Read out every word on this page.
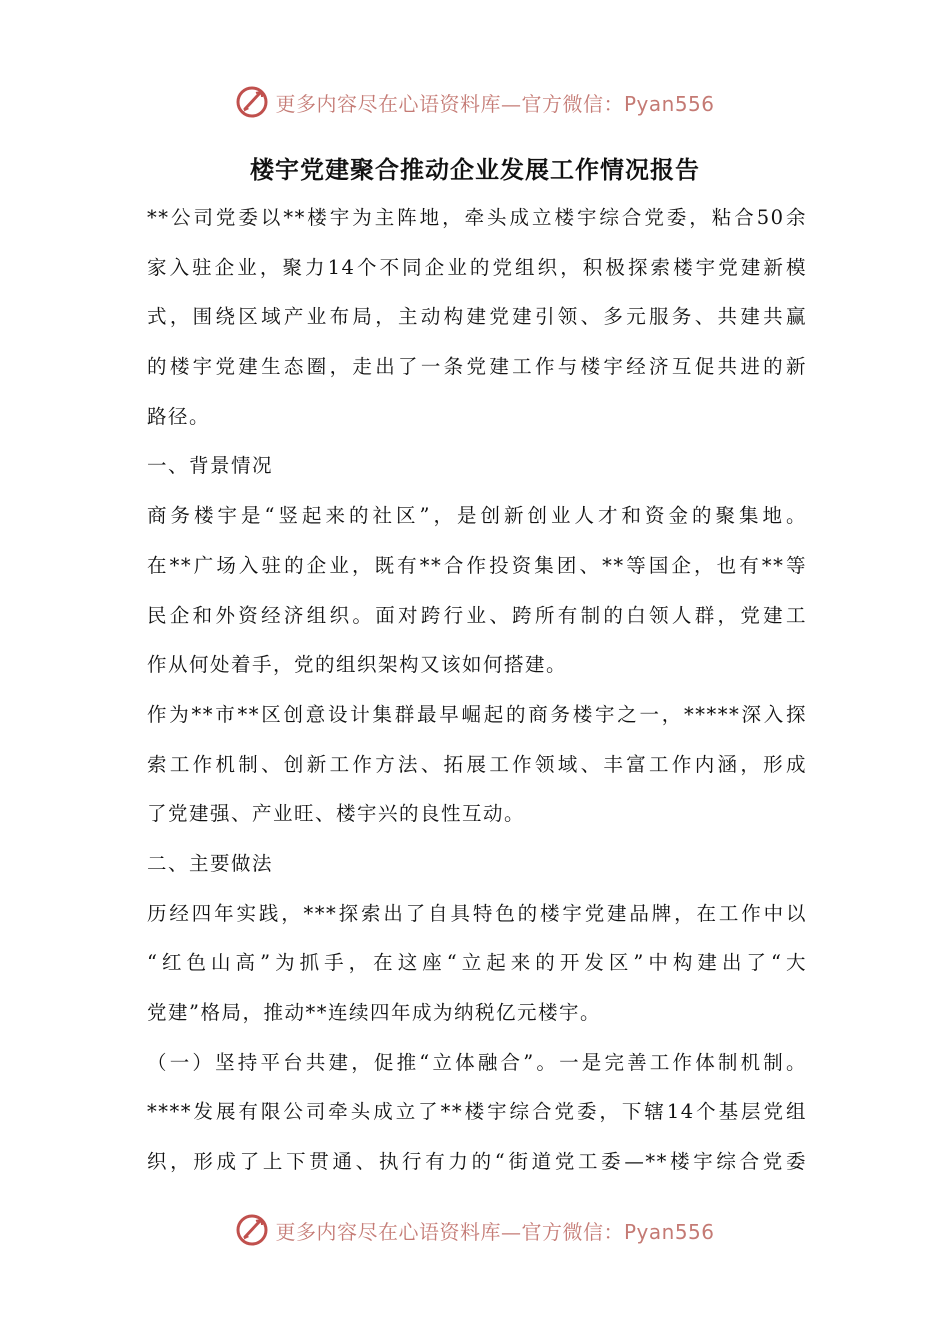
更多内容尽在心语资料库—官方微信：Pyan556
楼宇党建聚合推动企业发展工作情况报告
**公司党委以**楼宇为主阵地，牵头成立楼宇综合党委，粘合50余
家入驻企业，聚力14个不同企业的党组织，积极探索楼宇党建新模
式，围绕区域产业布局，主动构建党建引领、多元服务、共建共赢
的楼宇党建生态圈，走出了一条党建工作与楼宇经济互促共进的新
路径。
一、背景情况
商务楼宇是“竖起来的社区”，是创新创业人才和资金的聚集地。
在**广场入驻的企业，既有**合作投资集团、**等国企，也有**等
民企和外资经济组织。面对跨行业、跨所有制的白领人群，党建工
作从何处着手，党的组织架构又该如何搭建。
作为**市**区创意设计集群最早崛起的商务楼宇之一，*****深入探
索工作机制、创新工作方法、拓展工作领域、丰富工作内涵，形成
了党建强、产业旺、楼宇兴的良性互动。
二、主要做法
历经四年实践，***探索出了自具特色的楼宇党建品牌，在工作中以
“红色山高”为抓手，在这座“立起来的开发区”中构建出了“大
党建”格局，推动**连续四年成为纳税亿元楼宇。
（一）坚持平台共建，促推“立体融合”。一是完善工作体制机制。
****发展有限公司牵头成立了**楼宇综合党委，下辖14个基层党组
织，形成了上下贯通、执行有力的“街道党工委—**楼宇综合党委
更多内容尽在心语资料库—官方微信：Pyan556
